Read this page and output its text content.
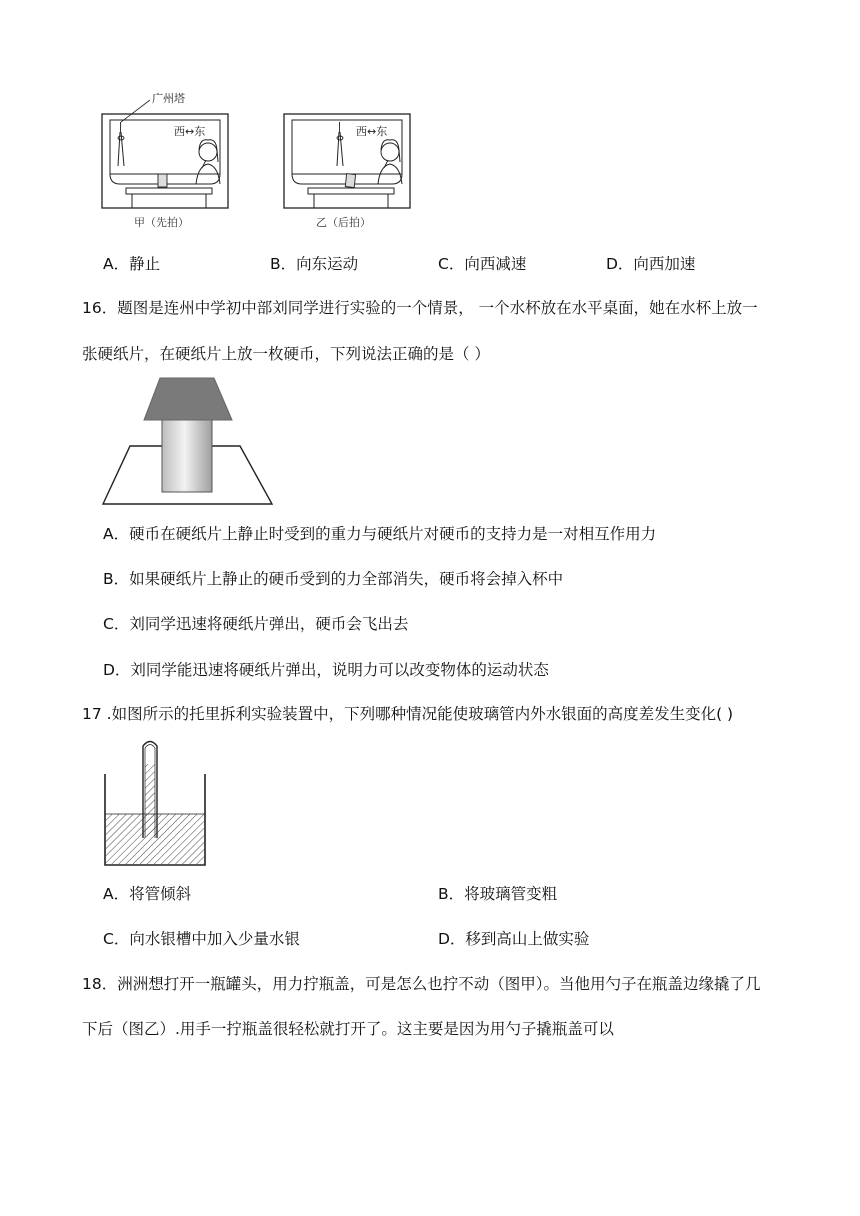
广州塔
西↔东	西↔东
甲（先拍）	乙（后拍）
A．静止	B．向东运动	C．向西减速	D．向西加速
16．题图是连州中学初中部刘同学进行实验的一个情景， 一个水杯放在水平桌面，她在水杯上放一
张硬纸片，在硬纸片上放一枚硬币，下列说法正确的是（ ）
A．硬币在硬纸片上静止时受到的重力与硬纸片对硬币的支持力是一对相互作用力
B．如果硬纸片上静止的硬币受到的力全部消失，硬币将会掉入杯中
C．刘同学迅速将硬纸片弹出，硬币会飞出去
D．刘同学能迅速将硬纸片弹出，说明力可以改变物体的运动状态
17 .如图所示的托里拆利实验装置中，下列哪种情况能使玻璃管内外水银面的高度差发生变化( )
A．将管倾斜	B．将玻璃管变粗
C．向水银槽中加入少量水银	D．移到高山上做实验
18．洲洲想打开一瓶罐头，用力拧瓶盖，可是怎么也拧不动（图甲）。当他用勺子在瓶盖边缘撬了几
下后（图乙）.用手一拧瓶盖很轻松就打开了。这主要是因为用勺子撬瓶盖可以
